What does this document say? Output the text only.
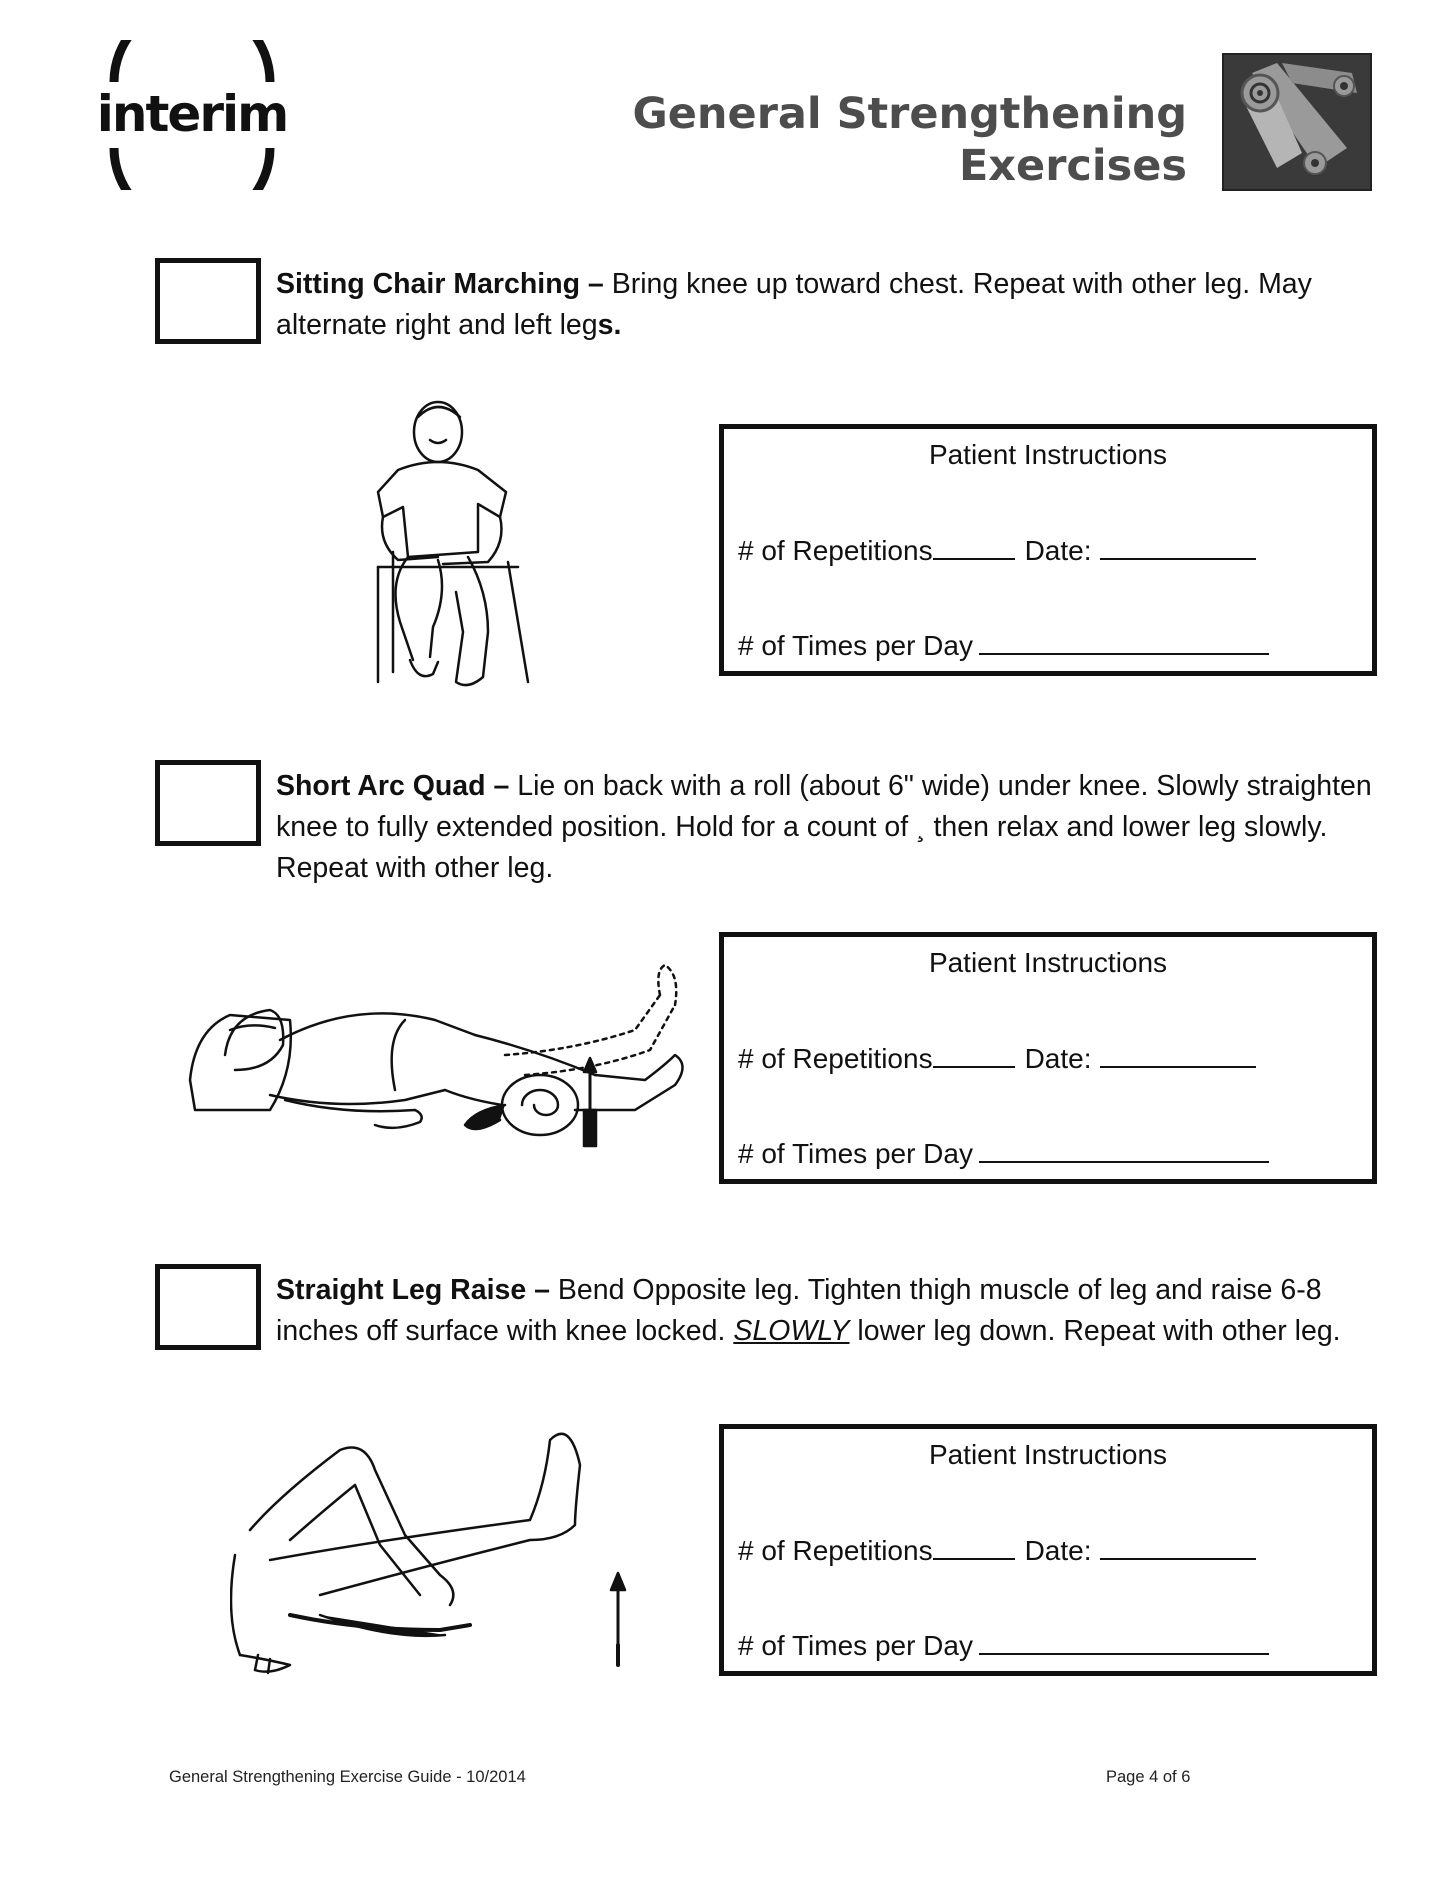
interim	General Strengthening
Exercises
Sitting Chair Marching – Bring knee up toward chest. Repeat with other leg. May alternate right and left legs.
Patient Instructions
# of Repetitions	Date:
# of Times per Day
Short Arc Quad – Lie on back with a roll (about 6" wide) under knee. Slowly straighten knee to fully extended position. Hold for a count of ¸ then relax and lower leg slowly. Repeat with other leg.
Patient Instructions
# of Repetitions	Date:
# of Times per Day
Straight Leg Raise – Bend Opposite leg. Tighten thigh muscle of leg and raise 6-8 inches off surface with knee locked. SLOWLY lower leg down. Repeat with other leg.
Patient Instructions
# of Repetitions	Date:
# of Times per Day
General Strengthening Exercise Guide - 10/2014	Page 4 of 6
